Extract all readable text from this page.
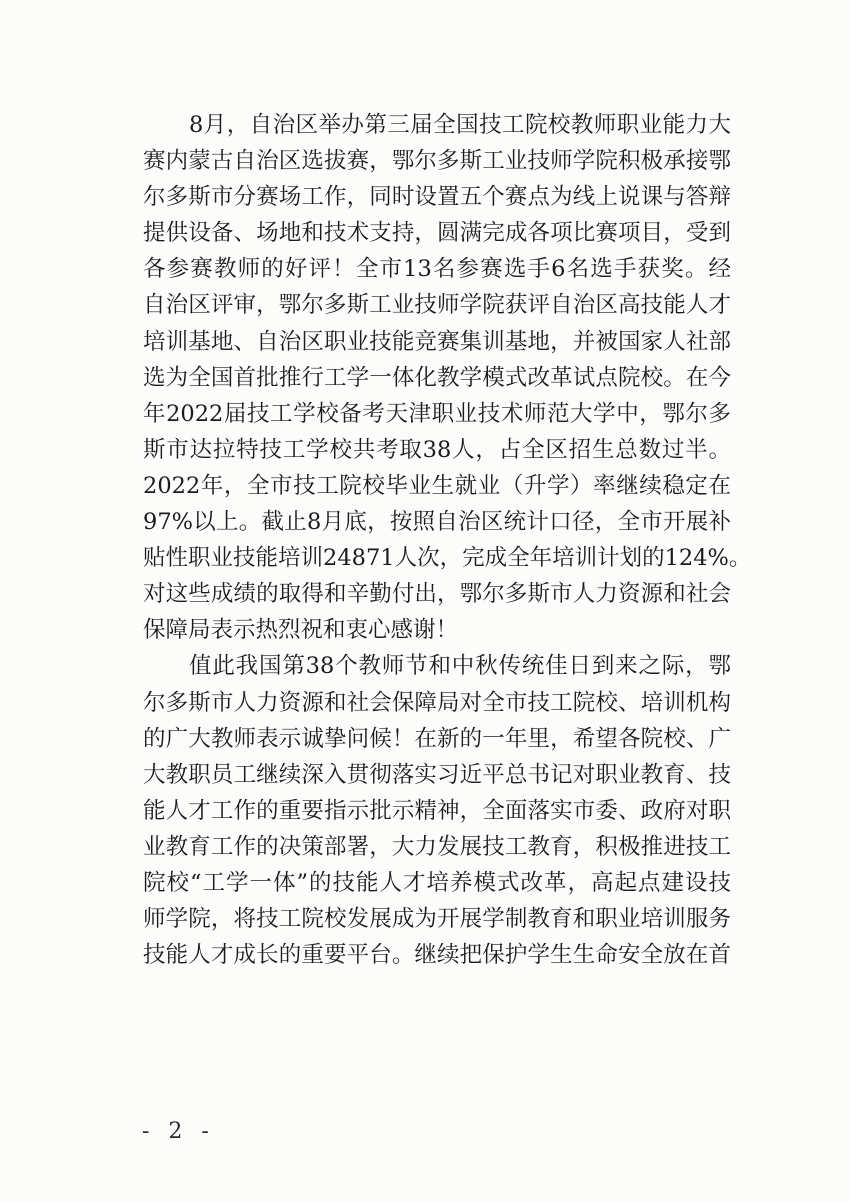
8月，自治区举办第三届全国技工院校教师职业能力大
赛内蒙古自治区选拔赛，鄂尔多斯工业技师学院积极承接鄂
尔多斯市分赛场工作，同时设置五个赛点为线上说课与答辩
提供设备、场地和技术支持，圆满完成各项比赛项目，受到
各参赛教师的好评！全市13名参赛选手6名选手获奖。经
自治区评审，鄂尔多斯工业技师学院获评自治区高技能人才
培训基地、自治区职业技能竞赛集训基地，并被国家人社部
选为全国首批推行工学一体化教学模式改革试点院校。在今
年2022届技工学校备考天津职业技术师范大学中，鄂尔多
斯市达拉特技工学校共考取38人，占全区招生总数过半。
2022年，全市技工院校毕业生就业（升学）率继续稳定在
97%以上。截止8月底，按照自治区统计口径，全市开展补
贴性职业技能培训24871人次，完成全年培训计划的124%。
对这些成绩的取得和辛勤付出，鄂尔多斯市人力资源和社会
保障局表示热烈祝和衷心感谢！
值此我国第38个教师节和中秋传统佳日到来之际，鄂
尔多斯市人力资源和社会保障局对全市技工院校、培训机构
的广大教师表示诚挚问候！在新的一年里，希望各院校、广
大教职员工继续深入贯彻落实习近平总书记对职业教育、技
能人才工作的重要指示批示精神，全面落实市委、政府对职
业教育工作的决策部署，大力发展技工教育，积极推进技工
院校“工学一体”的技能人才培养模式改革，高起点建设技
师学院，将技工院校发展成为开展学制教育和职业培训服务
技能人才成长的重要平台。继续把保护学生生命安全放在首
- 2 -
